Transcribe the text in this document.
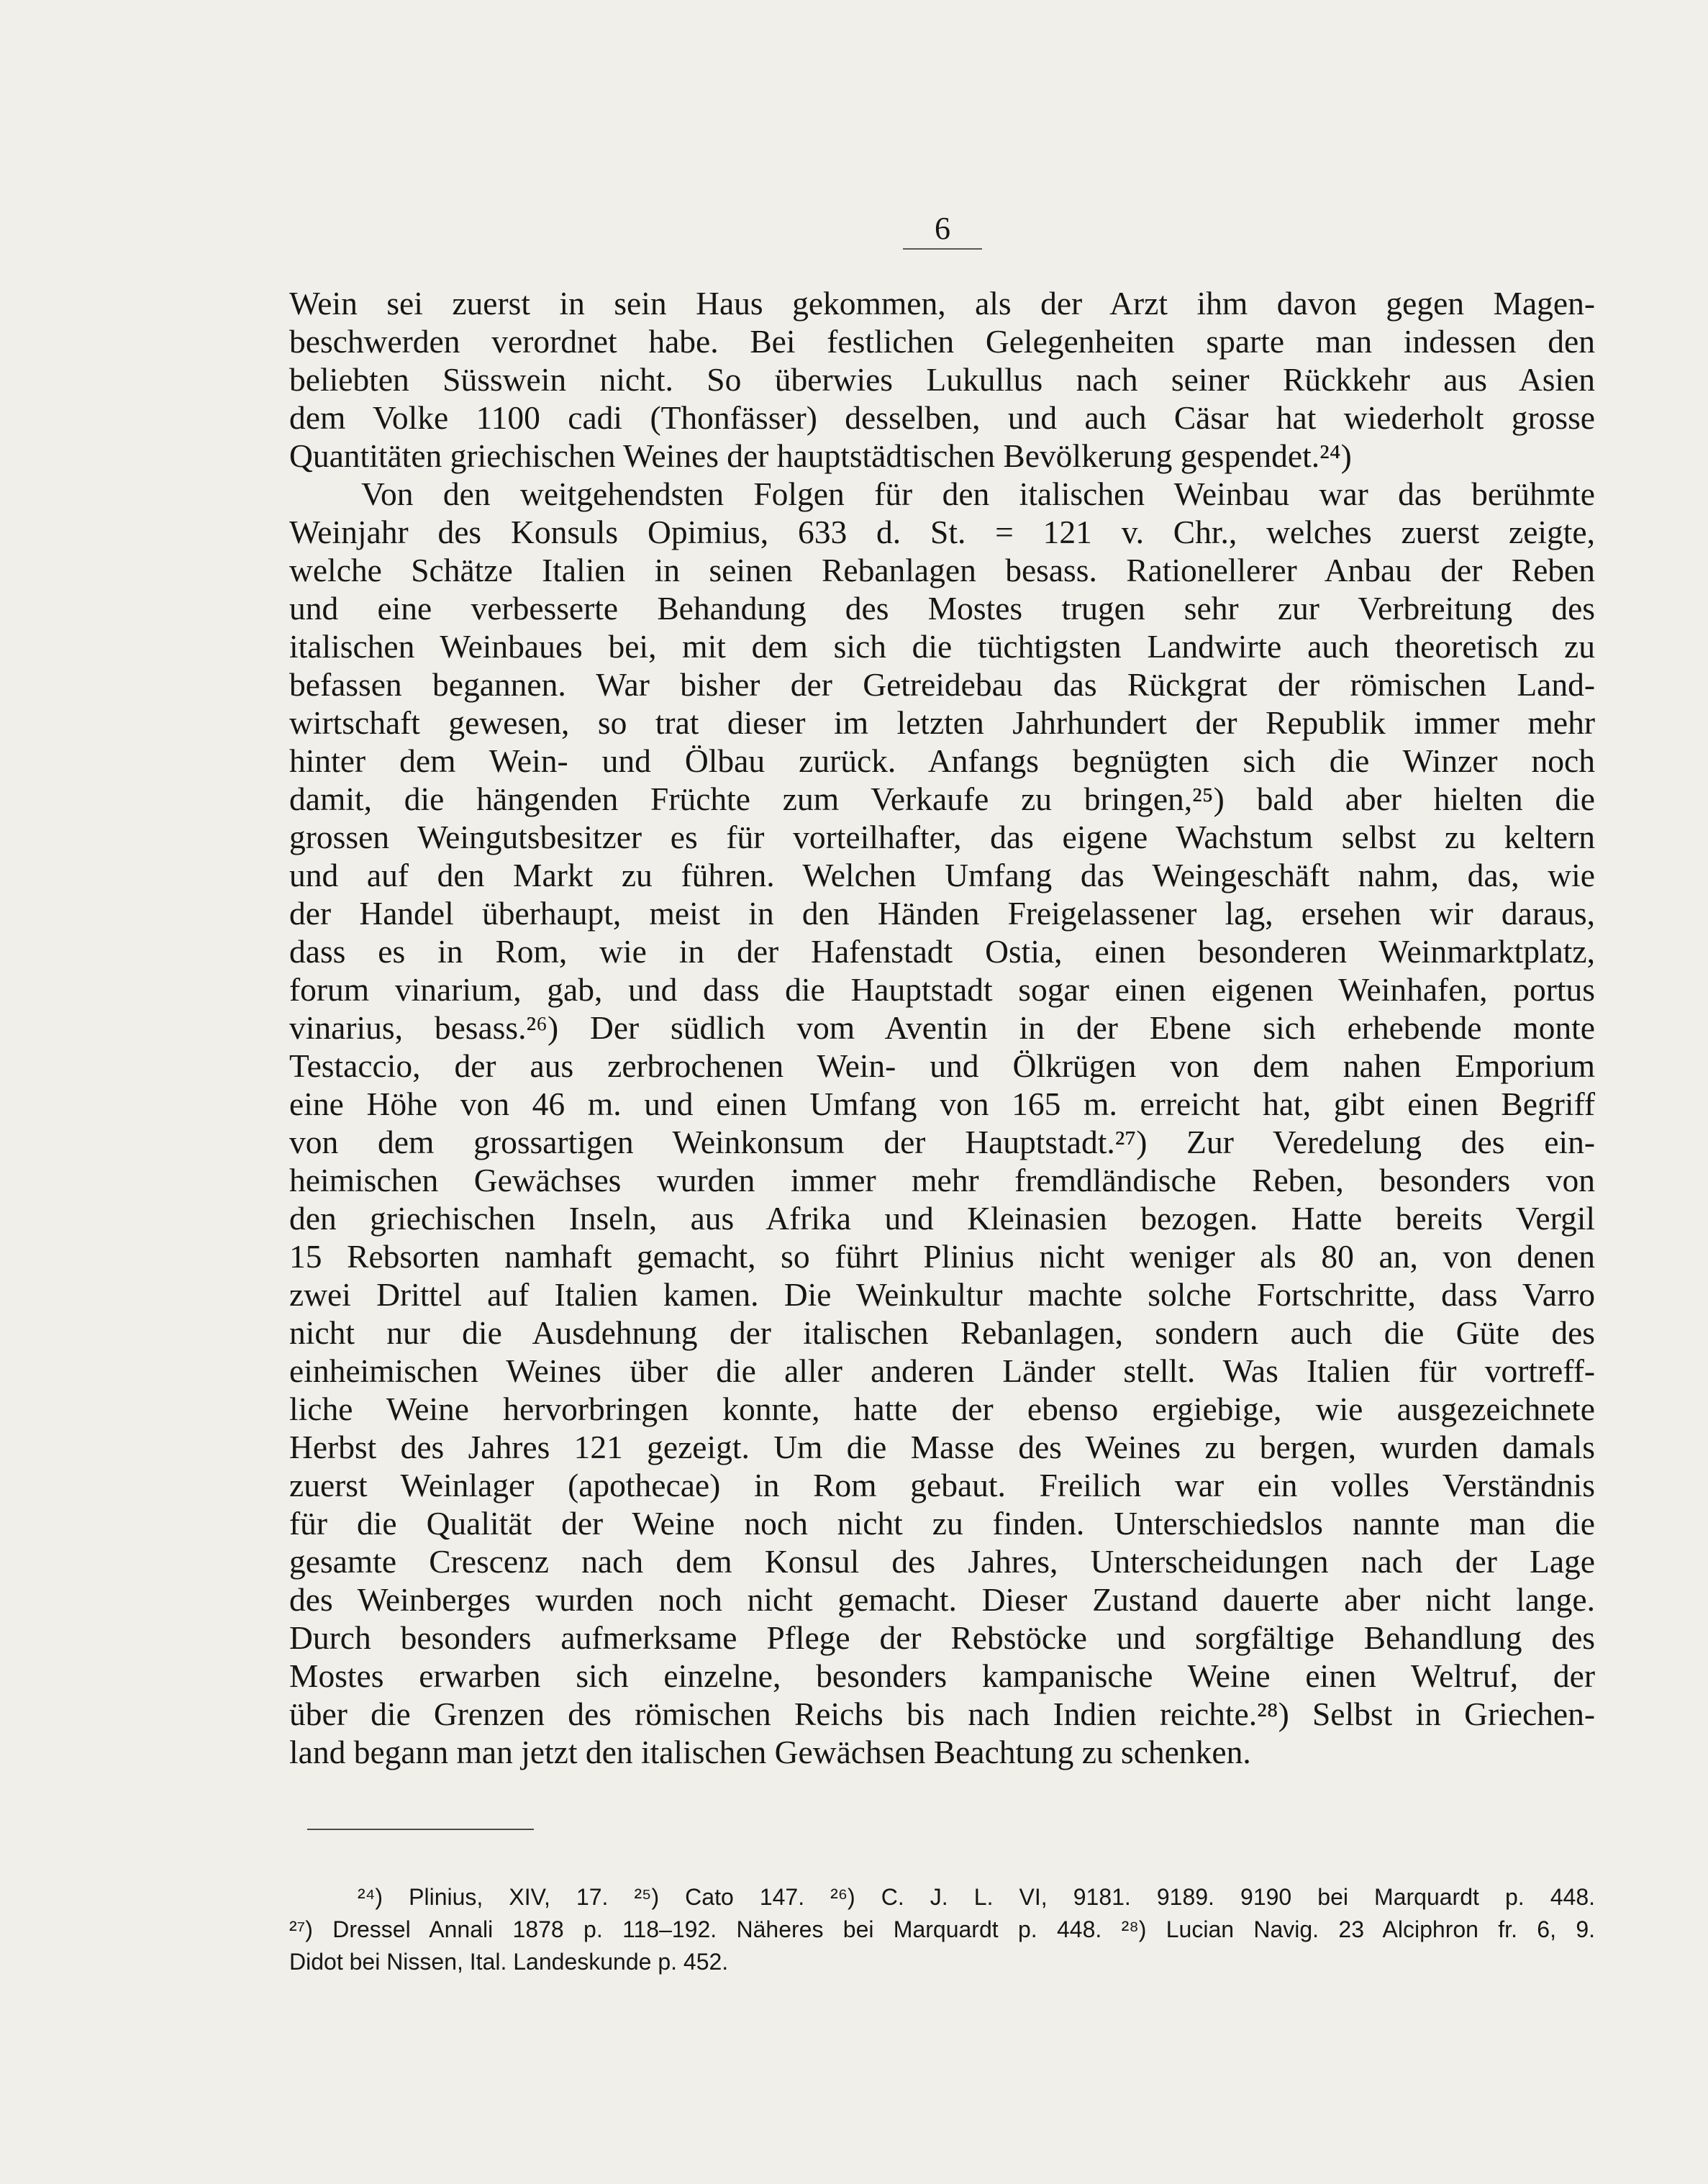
6
Wein sei zuerst in sein Haus gekommen, als der Arzt ihm davon gegen Magen-
beschwerden verordnet habe. Bei festlichen Gelegenheiten sparte man indessen den
beliebten Süsswein nicht. So überwies Lukullus nach seiner Rückkehr aus Asien
dem Volke 1100 cadi (Thonfässer) desselben, und auch Cäsar hat wiederholt grosse
Quantitäten griechischen Weines der hauptstädtischen Bevölkerung gespendet.²⁴)
Von den weitgehendsten Folgen für den italischen Weinbau war das berühmte
Weinjahr des Konsuls Opimius, 633 d. St. = 121 v. Chr., welches zuerst zeigte,
welche Schätze Italien in seinen Rebanlagen besass. Rationellerer Anbau der Reben
und eine verbesserte Behandung des Mostes trugen sehr zur Verbreitung des
italischen Weinbaues bei, mit dem sich die tüchtigsten Landwirte auch theoretisch zu
befassen begannen. War bisher der Getreidebau das Rückgrat der römischen Land-
wirtschaft gewesen, so trat dieser im letzten Jahrhundert der Republik immer mehr
hinter dem Wein- und Ölbau zurück. Anfangs begnügten sich die Winzer noch
damit, die hängenden Früchte zum Verkaufe zu bringen,²⁵) bald aber hielten die
grossen Weingutsbesitzer es für vorteilhafter, das eigene Wachstum selbst zu keltern
und auf den Markt zu führen. Welchen Umfang das Weingeschäft nahm, das, wie
der Handel überhaupt, meist in den Händen Freigelassener lag, ersehen wir daraus,
dass es in Rom, wie in der Hafenstadt Ostia, einen besonderen Weinmarktplatz,
forum vinarium, gab, und dass die Hauptstadt sogar einen eigenen Weinhafen, portus
vinarius, besass.²⁶) Der südlich vom Aventin in der Ebene sich erhebende monte
Testaccio, der aus zerbrochenen Wein- und Ölkrügen von dem nahen Emporium
eine Höhe von 46 m. und einen Umfang von 165 m. erreicht hat, gibt einen Begriff
von dem grossartigen Weinkonsum der Hauptstadt.²⁷) Zur Veredelung des ein-
heimischen Gewächses wurden immer mehr fremdländische Reben, besonders von
den griechischen Inseln, aus Afrika und Kleinasien bezogen. Hatte bereits Vergil
15 Rebsorten namhaft gemacht, so führt Plinius nicht weniger als 80 an, von denen
zwei Drittel auf Italien kamen. Die Weinkultur machte solche Fortschritte, dass Varro
nicht nur die Ausdehnung der italischen Rebanlagen, sondern auch die Güte des
einheimischen Weines über die aller anderen Länder stellt. Was Italien für vortreff-
liche Weine hervorbringen konnte, hatte der ebenso ergiebige, wie ausgezeichnete
Herbst des Jahres 121 gezeigt. Um die Masse des Weines zu bergen, wurden damals
zuerst Weinlager (apothecae) in Rom gebaut. Freilich war ein volles Verständnis
für die Qualität der Weine noch nicht zu finden. Unterschiedslos nannte man die
gesamte Crescenz nach dem Konsul des Jahres, Unterscheidungen nach der Lage
des Weinberges wurden noch nicht gemacht. Dieser Zustand dauerte aber nicht lange.
Durch besonders aufmerksame Pflege der Rebstöcke und sorgfältige Behandlung des
Mostes erwarben sich einzelne, besonders kampanische Weine einen Weltruf, der
über die Grenzen des römischen Reichs bis nach Indien reichte.²⁸) Selbst in Griechen-
land begann man jetzt den italischen Gewächsen Beachtung zu schenken.
²⁴) Plinius, XIV, 17. ²⁵) Cato 147. ²⁶) C. J. L. VI, 9181. 9189. 9190 bei Marquardt p. 448.
²⁷) Dressel Annali 1878 p. 118–192. Näheres bei Marquardt p. 448. ²⁸) Lucian Navig. 23 Alciphron fr. 6, 9.
Didot bei Nissen, Ital. Landeskunde p. 452.
